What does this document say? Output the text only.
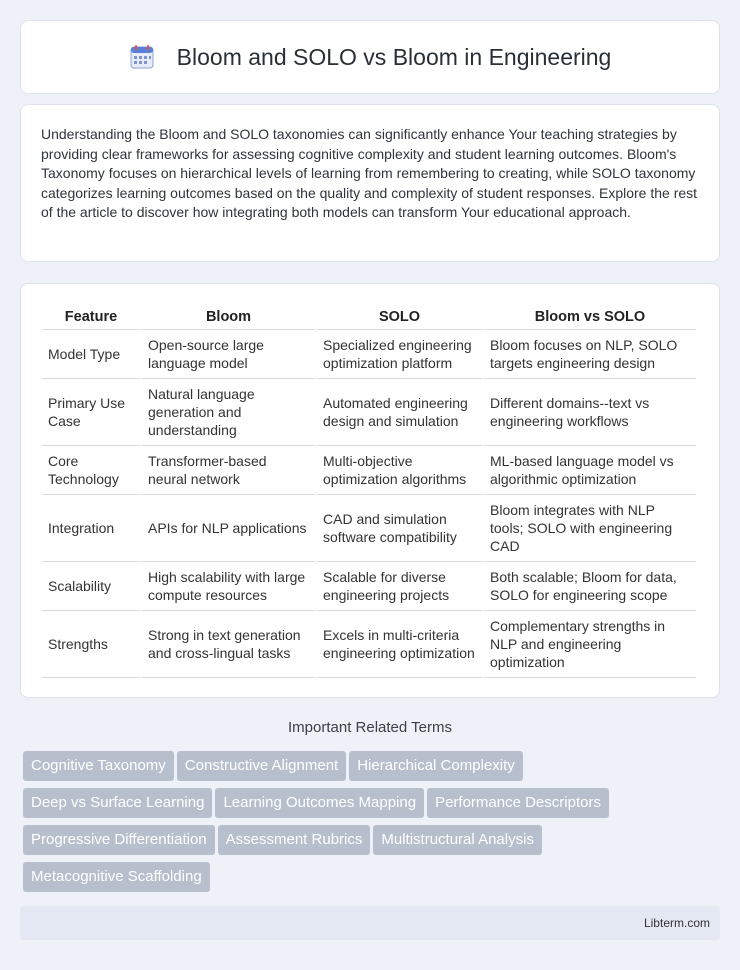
Bloom and SOLO vs Bloom in Engineering

Understanding the Bloom and SOLO taxonomies can significantly enhance Your teaching strategies by providing clear frameworks for assessing cognitive complexity and student learning outcomes. Bloom's Taxonomy focuses on hierarchical levels of learning from remembering to creating, while SOLO taxonomy categorizes learning outcomes based on the quality and complexity of student responses. Explore the rest of the article to discover how integrating both models can transform Your educational approach.

Feature	Bloom	SOLO	Bloom vs SOLO
Model Type	Open-source large language model	Specialized engineering optimization platform	Bloom focuses on NLP, SOLO targets engineering design
Primary Use Case	Natural language generation and understanding	Automated engineering design and simulation	Different domains--text vs engineering workflows
Core Technology	Transformer-based neural network	Multi-objective optimization algorithms	ML-based language model vs algorithmic optimization
Integration	APIs for NLP applications	CAD and simulation software compatibility	Bloom integrates with NLP tools; SOLO with engineering CAD
Scalability	High scalability with large compute resources	Scalable for diverse engineering projects	Both scalable; Bloom for data, SOLO for engineering scope
Strengths	Strong in text generation and cross-lingual tasks	Excels in multi-criteria engineering optimization	Complementary strengths in NLP and engineering optimization
Important Related Terms
Cognitive Taxonomy Constructive Alignment Hierarchical Complexity
Deep vs Surface Learning Learning Outcomes Mapping Performance Descriptors
Progressive Differentiation Assessment Rubrics Multistructural Analysis
Metacognitive Scaffolding
Libterm.com
